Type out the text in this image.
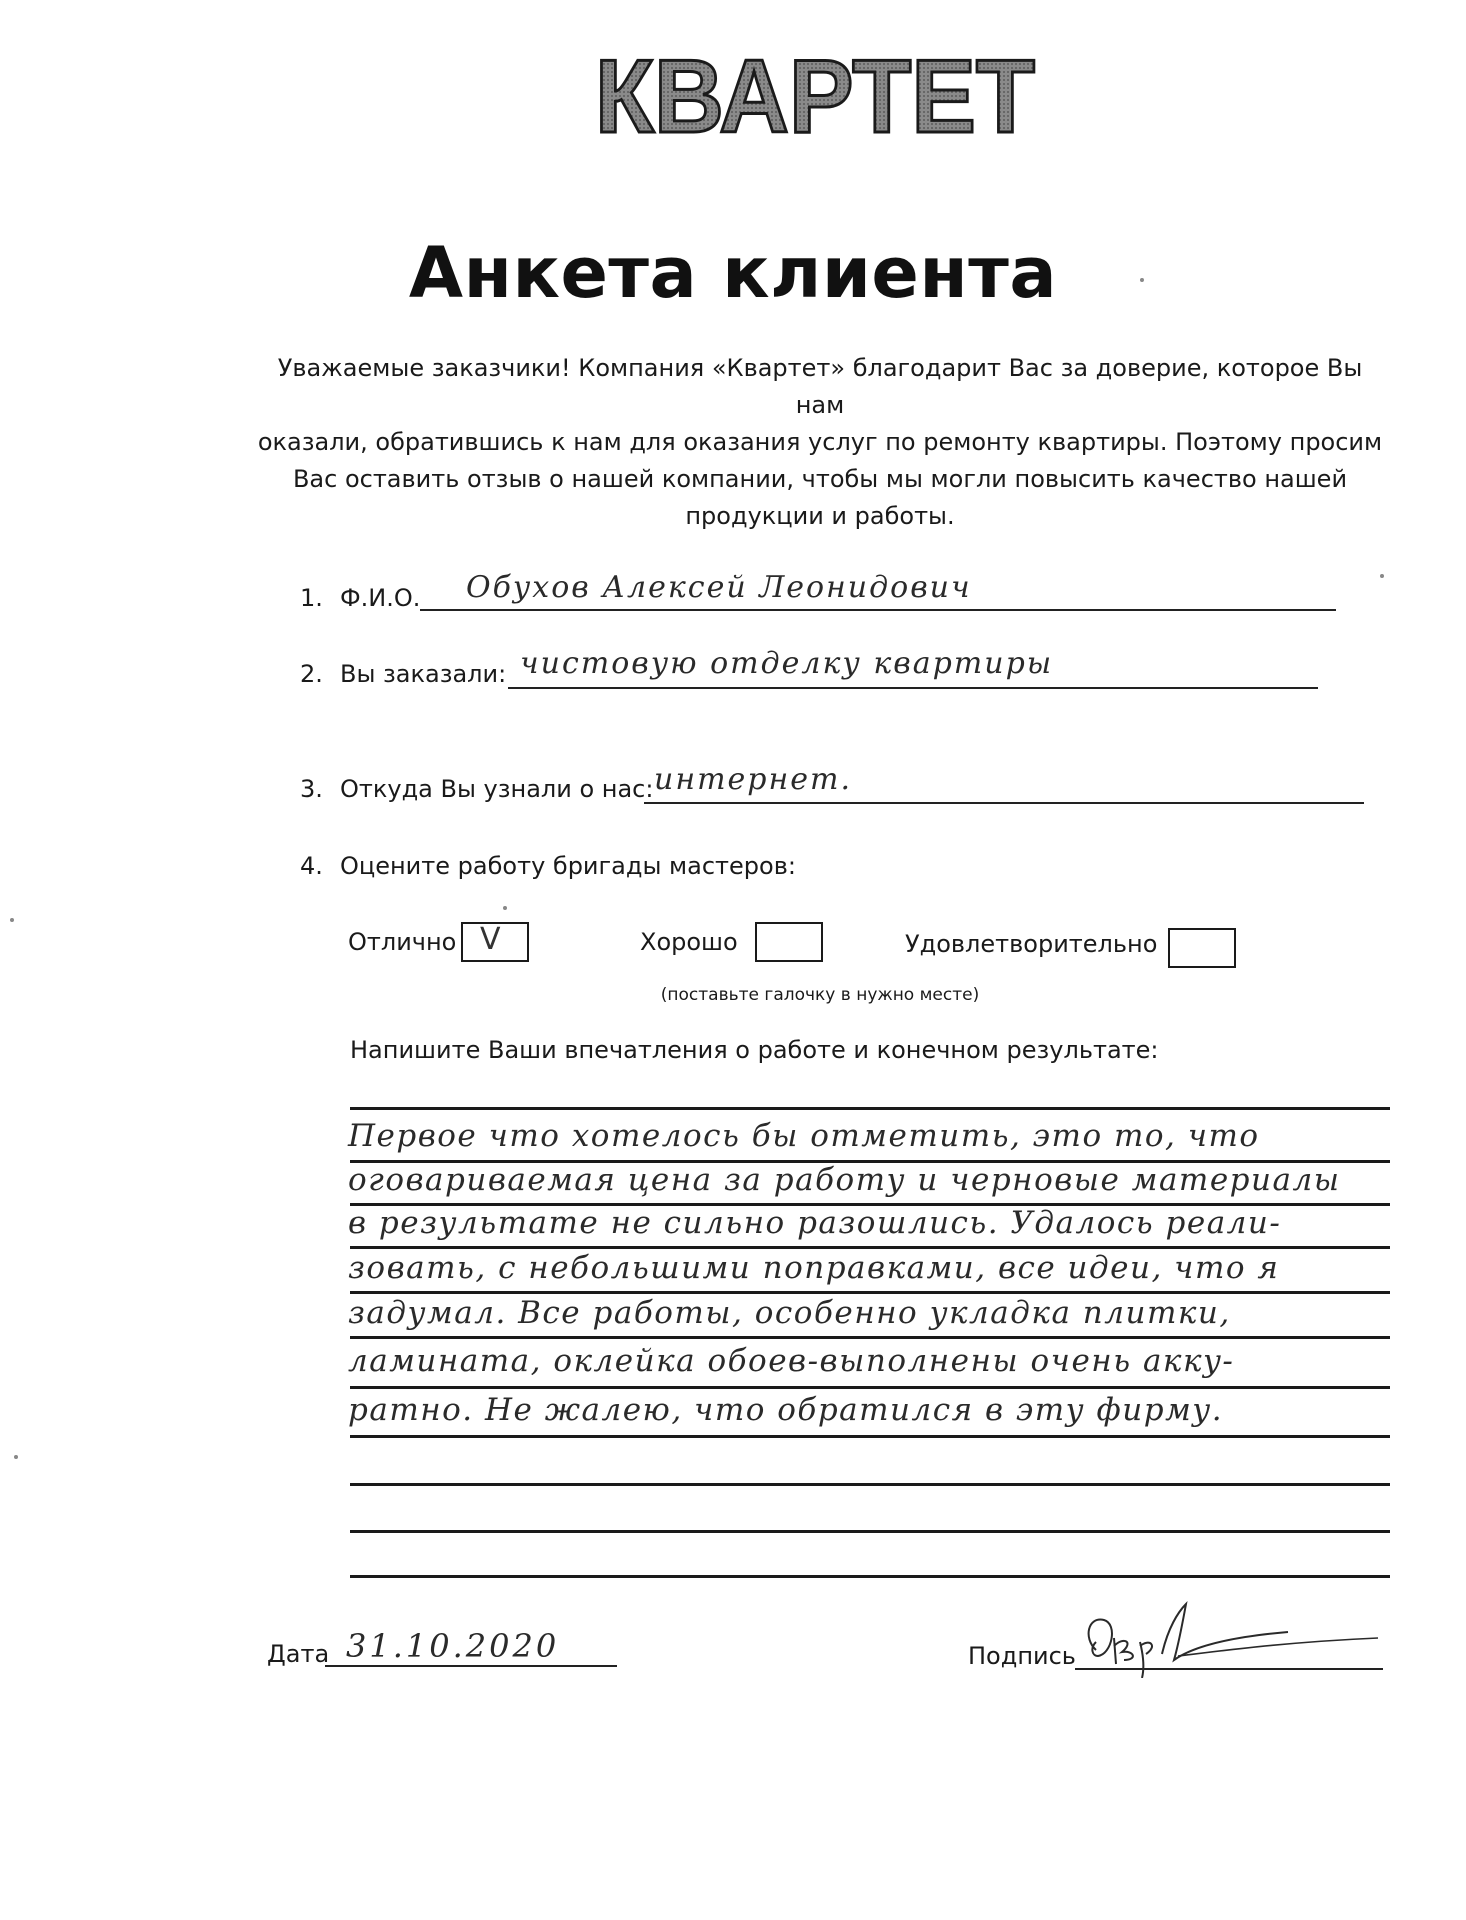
КВАРТЕТ
Анкета клиента
Уважаемые заказчики! Компания «Квартет» благодарит Вас за доверие, которое Вы нам
оказали, обратившись к нам для оказания услуг по ремонту квартиры. Поэтому просим
Вас оставить отзыв о нашей компании, чтобы мы могли повысить качество нашей
продукции и работы.
1. Ф.И.О. Обухов Алексей Леонидович
2. Вы заказали: чистовую отделку квартиры
3. Откуда Вы узнали о нас: интернет.
4. Оцените работу бригады мастеров:
Отлично V	Хорошо	Удовлетворительно
(поставьте галочку в нужно месте)
Напишите Ваши впечатления о работе и конечном результате:
Первое что хотелось бы отметить, это то, что
оговариваемая цена за работу и черновые материалы
в результате не сильно разошлись. Удалось реали-
зовать, с небольшими поправками, все идеи, что я
задумал. Все работы, особенно укладка плитки,
ламината, оклейка обоев-выполнены очень акку-
ратно. Не жалею, что обратился в эту фирму.
Дата 31.10.2020	Подпись
